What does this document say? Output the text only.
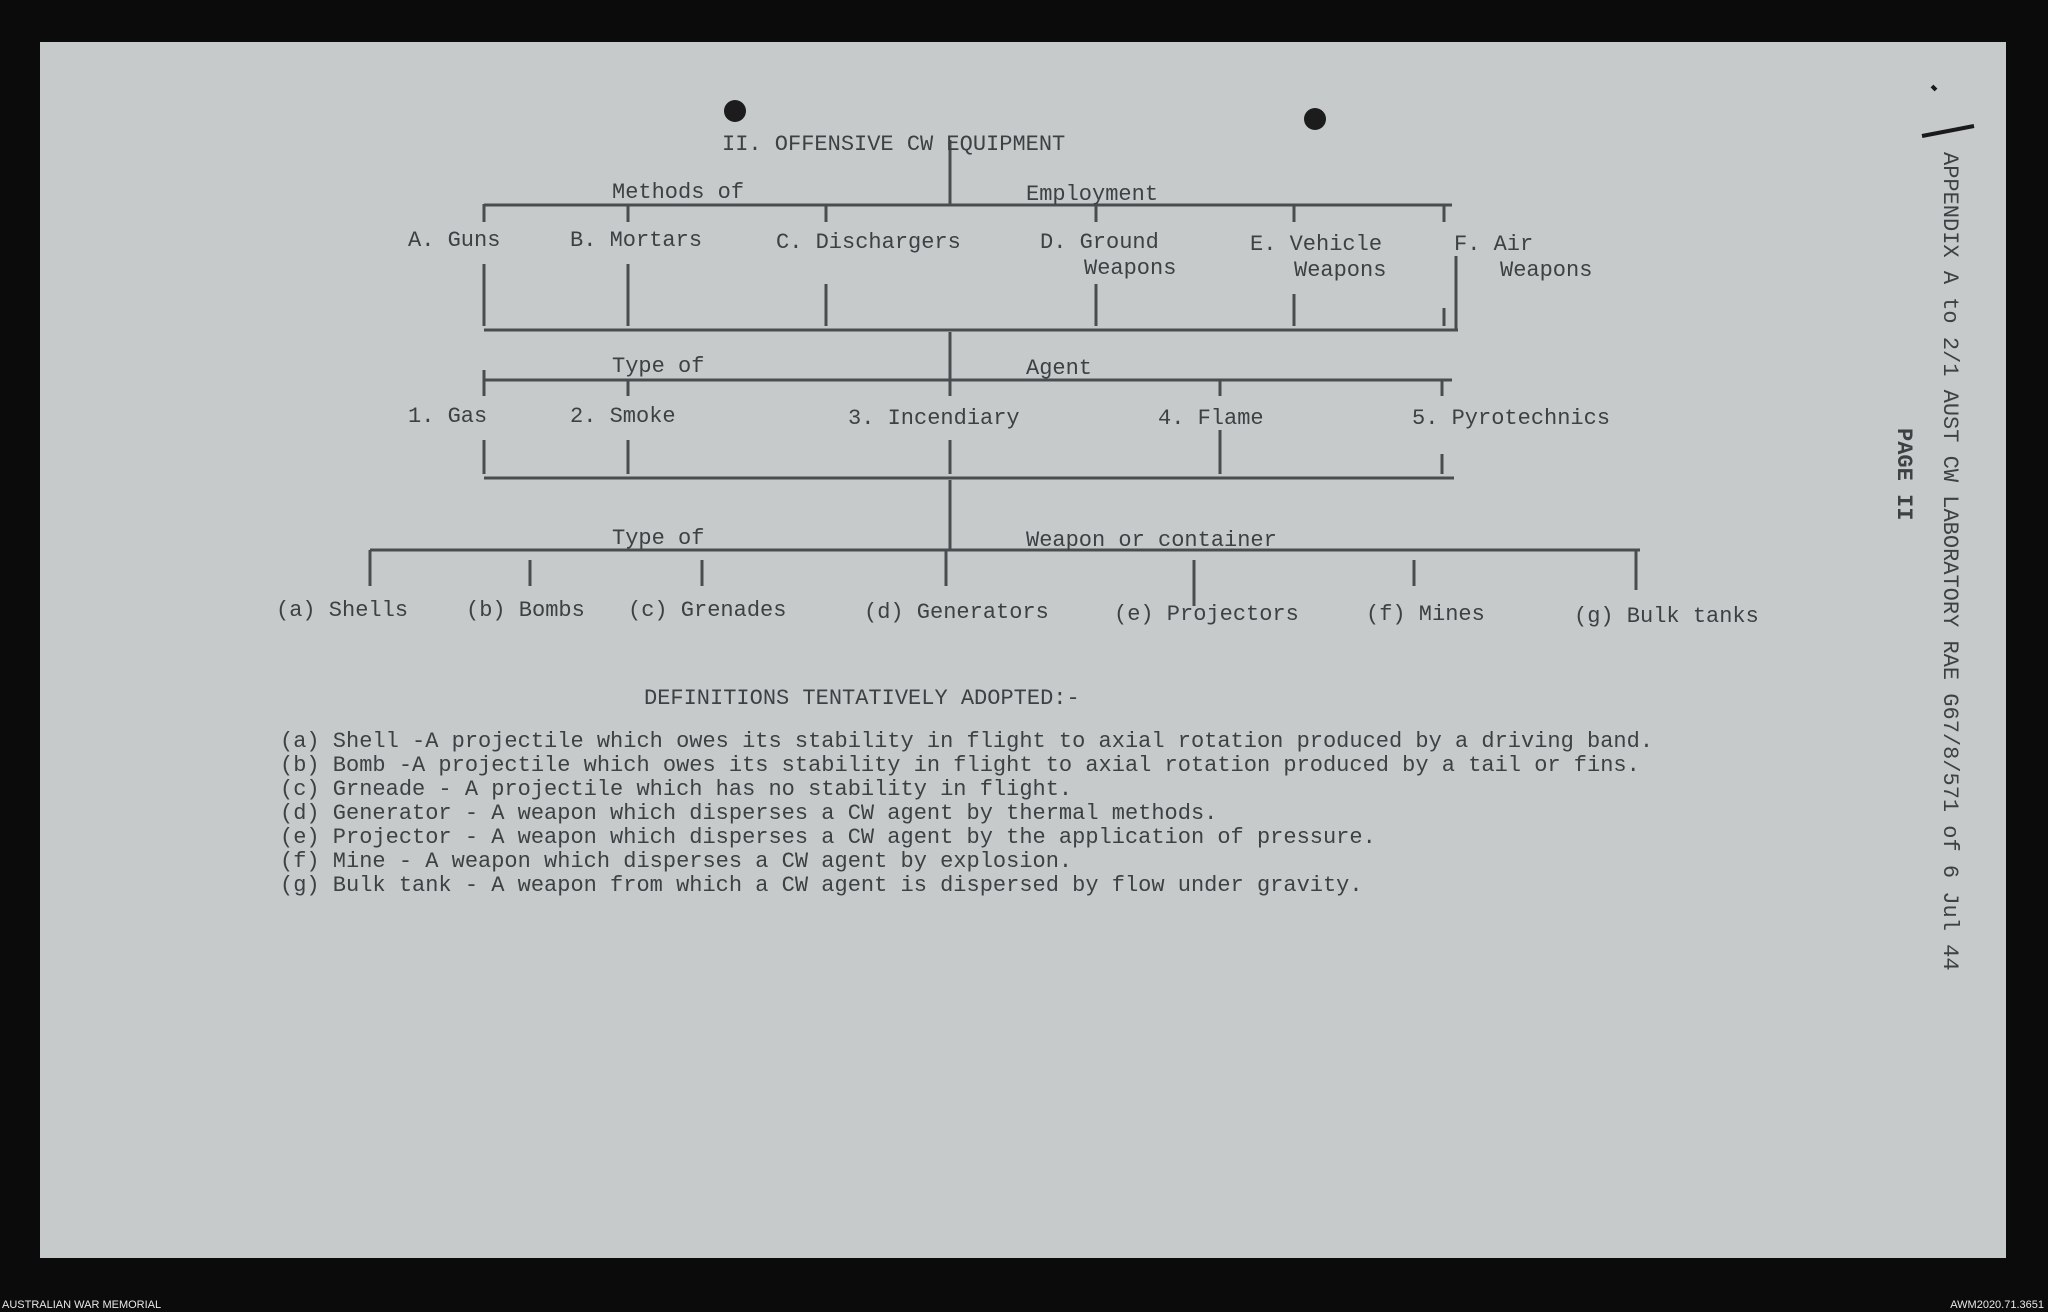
II. OFFENSIVE CW EQUIPMENT
Methods of	Employment
A. Guns	B. Mortars	C. Dischargers	D. Ground
Weapons
E. Vehicle
Weapons
F. Air
Weapons
Type of	Agent
1. Gas	2. Smoke	3. Incendiary	4. Flame	5. Pyrotechnics
Type of	Weapon or container
(a) Shells	(b) Bombs (c) Grenades	(d) Generators	(e) Projectors	(f) Mines	(g) Bulk tanks
DEFINITIONS TENTATIVELY ADOPTED:-
(a) Shell -A projectile which owes its stability in flight to axial rotation produced by a driving band.
(b) Bomb -A projectile which owes its stability in flight to axial rotation produced by a tail or fins.
(c) Grneade - A projectile which has no stability in flight.
(d) Generator - A weapon which disperses a CW agent by thermal methods.
(e) Projector - A weapon which disperses a CW agent by the application of pressure.
(f) Mine - A weapon which disperses a CW agent by explosion.
(g) Bulk tank - A weapon from which a CW agent is dispersed by flow under gravity.	APPENDIX A to 2/1 AUST CW LABORATORY RAE G67/8/571 of 6 Jul 44
PAGE II
AUSTRALIAN WAR MEMORIAL	AWM2020.71.3651
